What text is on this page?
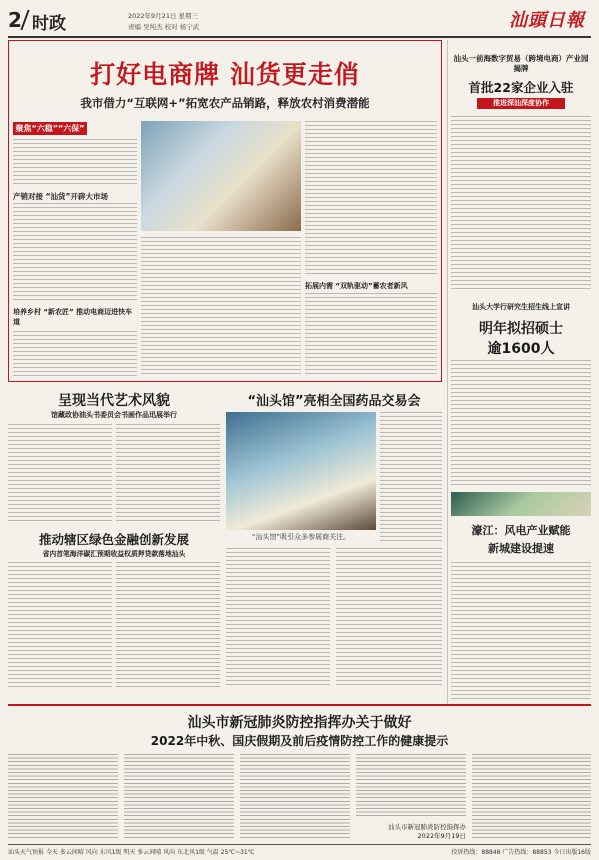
2 时政	2022年9月21日 星期三
责编 吴纯杰 校对 杨宁武	汕頭日報
打好电商牌 汕货更走俏
我市借力“互联网+”拓宽农产品销路，释放农村消费潜能
聚焦“六稳”“六保”
产销对接 “汕货”开辟大市场
培养乡村 “新农匠” 推动电商迈进快车道
拓展内需 “双轨驱动”蓄农者新风
汕头一前海数字贸易（跨境电商）产业园揭牌
首批22家企业入驻
推进深汕深度协作
汕头大学行研究生招生线上宣讲
明年拟招硕士
逾1600人
濠江：风电产业赋能
新城建设提速
呈现当代艺术风貌
馆藏政协油头书委员会书画作品迅展举行
推动辖区绿色金融创新发展
省内首笔海洋碳汇预期收益权质押贷款落地汕头
“汕头馆”亮相全国药品交易会
“汕头馆”吸引众多参展商关注。
汕头市新冠肺炎防控指挥办关于做好
2022年中秋、国庆假期及前后疫情防控工作的健康提示
汕头市新冠肺炎防控指挥办
2022年9月19日
汕头天气预报 今天 多云间晴 风向 东风1级 明天 多云间晴 风向 东北风1级 气温 25℃~31℃	投诉热线：88848 广告热线：88853 今日出版16版
